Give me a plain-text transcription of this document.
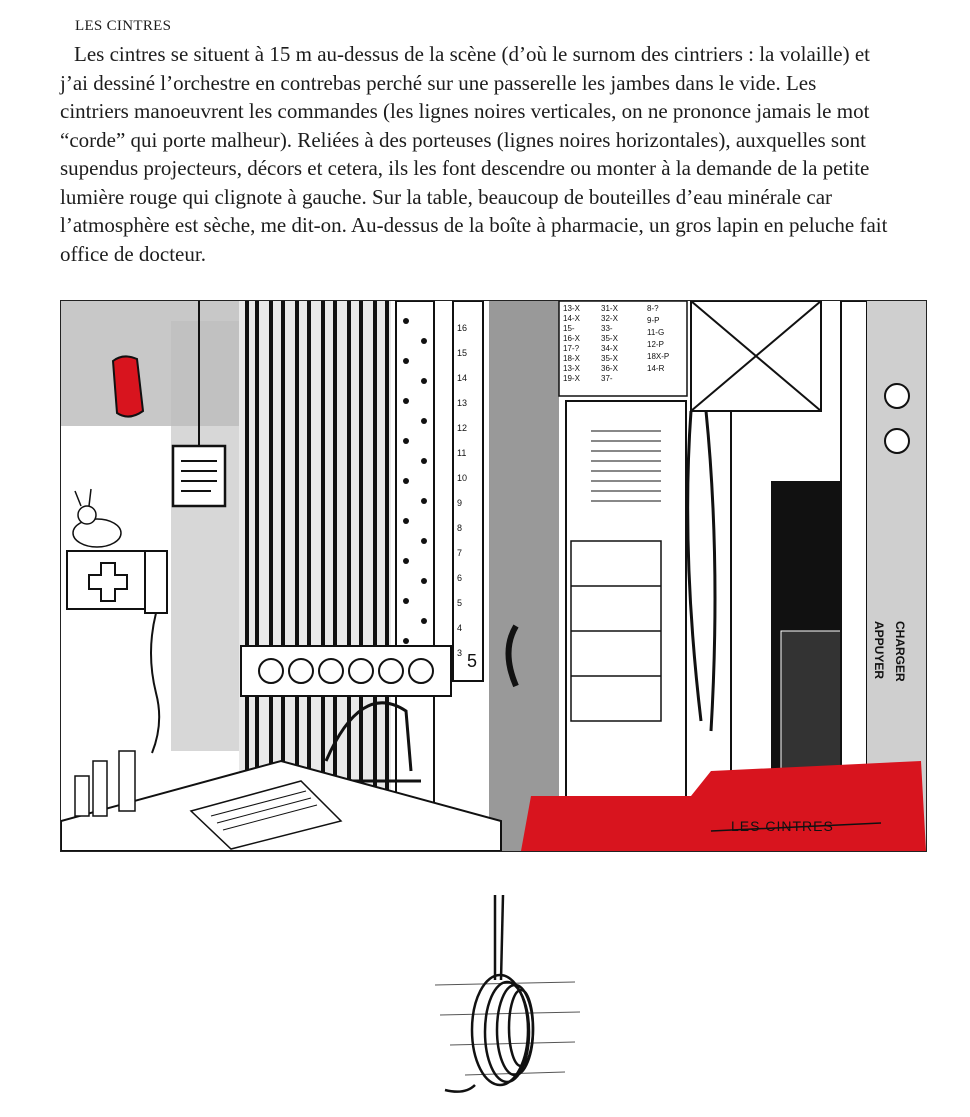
LES CINTRES

Les cintres se situent à 15 m au-dessus de la scène (d’où le surnom des cintriers : la volaille) et j’ai dessiné l’orchestre en contrebas perché sur une passerelle les jambes dans le vide. Les cintriers manoeuvrent les commandes (les lignes noires verticales, on ne prononce jamais le mot “corde” qui porte malheur). Reliées à des porteuses (lignes noires horizontales), auxquelles sont supendus projecteurs, décors et cetera, ils les font descendre ou monter à la demande de la petite lumière rouge qui clignote à gauche. Sur la table, beaucoup de bouteilles d’eau minérale car l’atmosphère est sèche, me dit-on. Au-dessus de la boîte à pharmacie, un gros lapin en peluche fait office de docteur.

16
15
14
13
12
11
10
9
8
7
6
5
4
3 5
13-X
14-X
15-
16-X
17-?
18-X
13-X
19-X
31-X
32-X
33-
35-X
34-X
35-X
36-X
37-
8-?
9-P
11-G
12-P
18X-P
14-R
APPUYER CHARGER
LES CINTRES
